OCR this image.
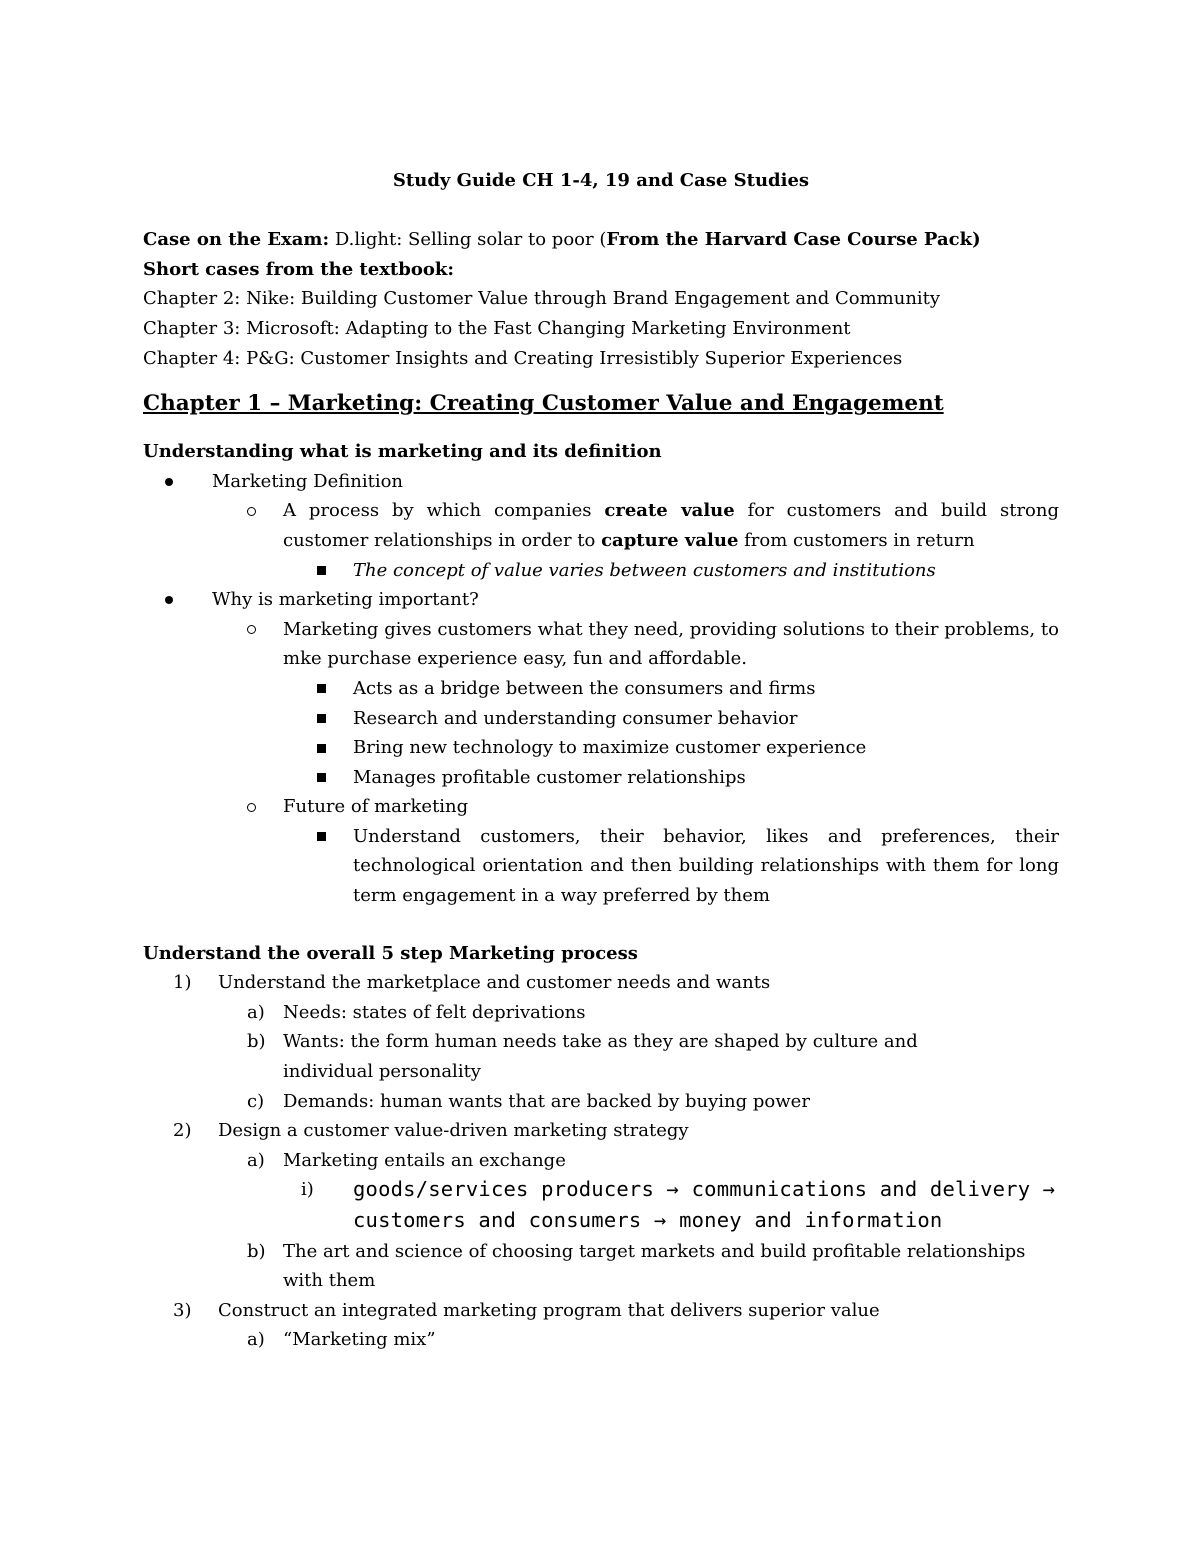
Study Guide CH 1-4, 19 and Case Studies

Case on the Exam: D.light: Selling solar to poor (From the Harvard Case Course Pack)

Short cases from the textbook:

Chapter 2: Nike: Building Customer Value through Brand Engagement and Community

Chapter 3: Microsoft: Adapting to the Fast Changing Marketing Environment

Chapter 4: P&G: Customer Insights and Creating Irresistibly Superior Experiences

Chapter 1 – Marketing: Creating Customer Value and Engagement

Understanding what is marketing and its definition

Marketing Definition
A process by which companies create value for customers and build strong customer relationships in order to capture value from customers in return
The concept of value varies between customers and institutions
Why is marketing important?
Marketing gives customers what they need, providing solutions to their problems, to mke purchase experience easy, fun and affordable.
Acts as a bridge between the consumers and firms
Research and understanding consumer behavior
Bring new technology to maximize customer experience
Manages profitable customer relationships
Future of marketing
Understand customers, their behavior, likes and preferences, their technological orientation and then building relationships with them for long term engagement in a way preferred by them

Understand the overall 5 step Marketing process

1) Understand the marketplace and customer needs and wants
a) Needs: states of felt deprivations
b) Wants: the form human needs take as they are shaped by culture and individual personality
c) Demands: human wants that are backed by buying power
2) Design a customer value-driven marketing strategy
a) Marketing entails an exchange
i) goods/services producers → communications and delivery → customers and consumers → money and information
b) The art and science of choosing target markets and build profitable relationships with them
3) Construct an integrated marketing program that delivers superior value
a) “Marketing mix”
